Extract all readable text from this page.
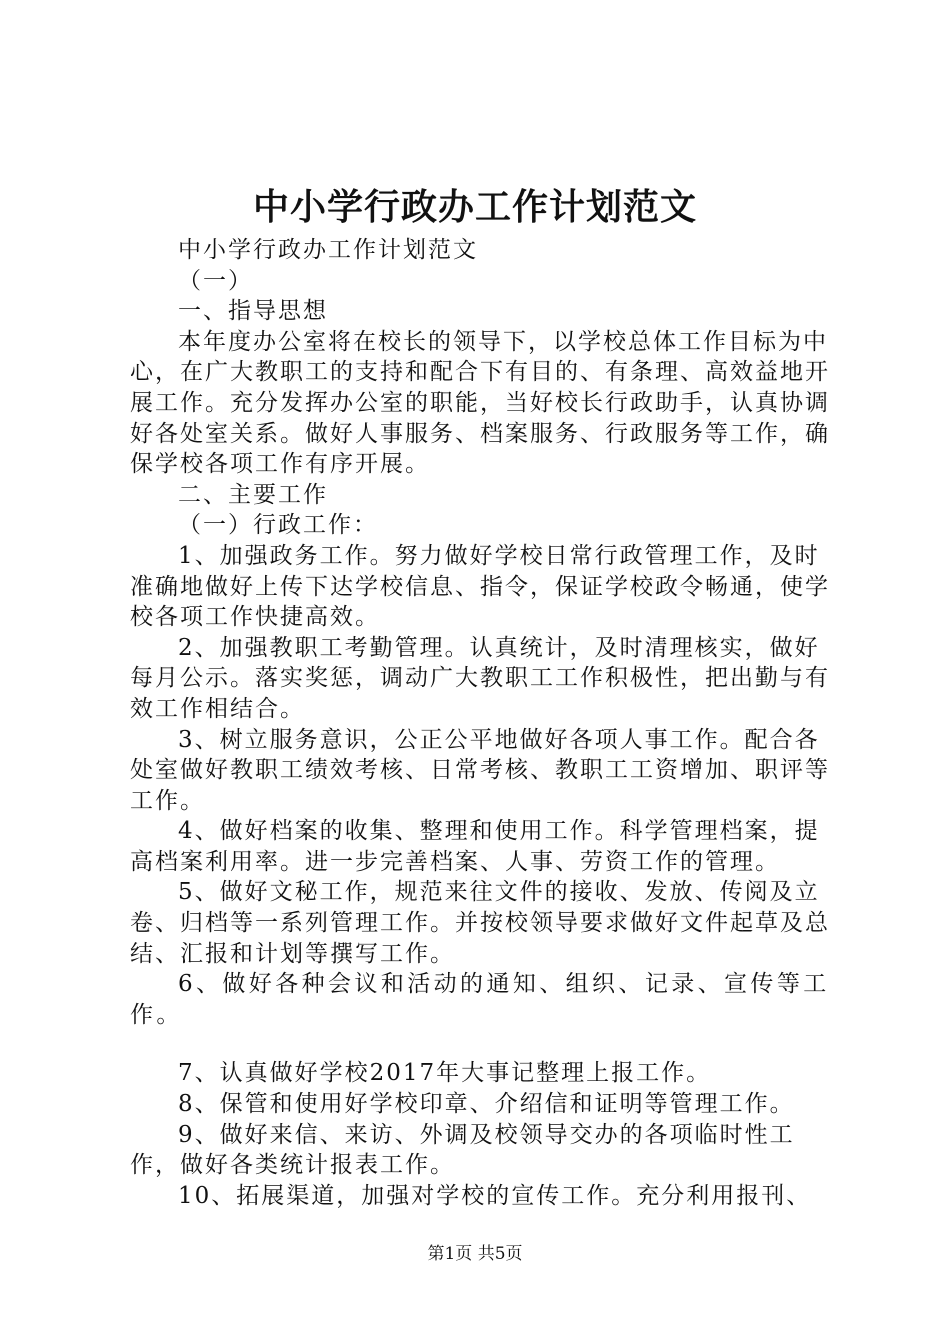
中小学行政办工作计划范文

中小学行政办工作计划范文

（一）

一、指导思想

本年度办公室将在校长的领导下，以学校总体工作目标为中心，在广大教职工的支持和配合下有目的、有条理、高效益地开展工作。充分发挥办公室的职能，当好校长行政助手，认真协调好各处室关系。做好人事服务、档案服务、行政服务等工作，确保学校各项工作有序开展。

二、主要工作

（一）行政工作：

1、加强政务工作。努力做好学校日常行政管理工作，及时准确地做好上传下达学校信息、指令，保证学校政令畅通，使学校各项工作快捷高效。

2、加强教职工考勤管理。认真统计，及时清理核实，做好每月公示。落实奖惩，调动广大教职工工作积极性，把出勤与有效工作相结合。

3、树立服务意识，公正公平地做好各项人事工作。配合各处室做好教职工绩效考核、日常考核、教职工工资增加、职评等工作。

4、做好档案的收集、整理和使用工作。科学管理档案，提高档案利用率。进一步完善档案、人事、劳资工作的管理。

5、做好文秘工作，规范来往文件的接收、发放、传阅及立卷、归档等一系列管理工作。并按校领导要求做好文件起草及总结、汇报和计划等撰写工作。

6、做好各种会议和活动的通知、组织、记录、宣传等工作。

7、认真做好学校2017年大事记整理上报工作。

8、保管和使用好学校印章、介绍信和证明等管理工作。

9、做好来信、来访、外调及校领导交办的各项临时性工作，做好各类统计报表工作。

10、拓展渠道，加强对学校的宣传工作。充分利用报刊、

第1页 共5页
